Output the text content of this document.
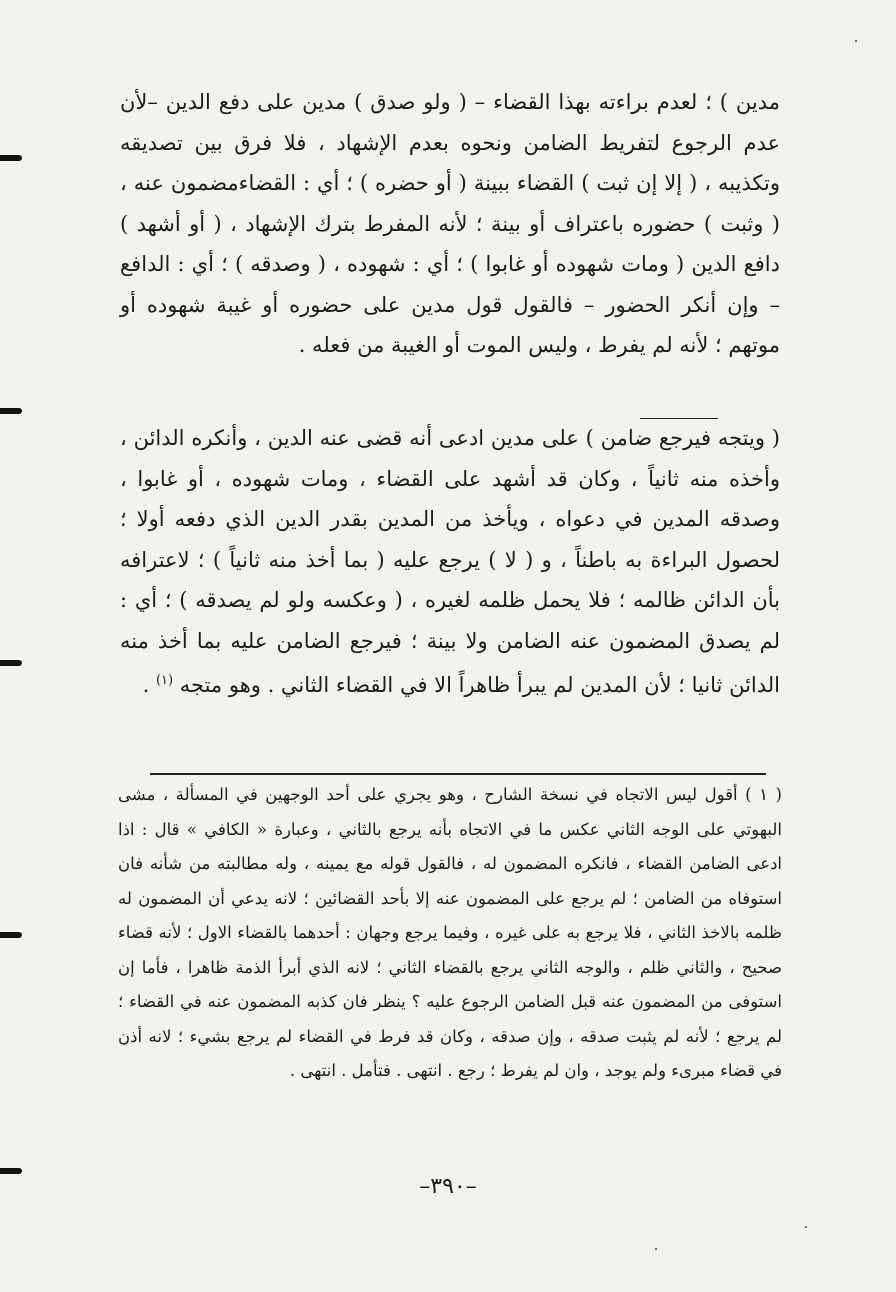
مدين ) ؛ لعدم براءته بهذا القضاء – ( ولو صدق ) مدين على دفع الدين –لأن عدم الرجوع لتفريط الضامن ونحوه بعدم الإشهاد ، فلا فرق بين تصديقه وتكذيبه ، ( إلا إن ثبت ) القضاء ببينة ( أو حضره ) ؛ أي : القضاءمضمون عنه ، ( وثبت ) حضوره باعتراف أو بينة ؛ لأنه المفرط بترك الإشهاد ، ( أو أشهد ) دافع الدين ( ومات شهوده أو غابوا ) ؛ أي : شهوده ، ( وصدقه ) ؛ أي : الدافع – وإن أنكر الحضور – فالقول قول مدين على حضوره أو غيبة شهوده أو موتهم ؛ لأنه لم يفرط ، وليس الموت أو الغيبة من فعله .
( ويتجه فيرجع ضامن ) على مدين ادعى أنه قضى عنه الدين ، وأنكره الدائن ، وأخذه منه ثانياً ، وكان قد أشهد على القضاء ، ومات شهوده ، أو غابوا ، وصدقه المدين في دعواه ، ويأخذ من المدين بقدر الدين الذي دفعه أولا ؛ لحصول البراءة به باطناً ، و ( لا ) يرجع عليه ( بما أخذ منه ثانياً ) ؛ لاعترافه بأن الدائن ظالمه ؛ فلا يحمل ظلمه لغيره ، ( وعكسه ولو لم يصدقه ) ؛ أي : لم يصدق المضمون عنه الضامن ولا بينة ؛ فيرجع الضامن عليه بما أخذ منه الدائن ثانيا ؛ لأن المدين لم يبرأ ظاهراً الا في القضاء الثاني . وهو متجه $^{(١)}$ .
( ١ ) أقول ليس الاتجاه في نسخة الشارح ، وهو يجري على أحد الوجهين في المسألة ، مشى البهوتي على الوجه الثاني عكس ما في الاتجاه بأنه يرجع بالثاني ، وعبارة « الكافي » قال : اذا ادعى الضامن القضاء ، فانكره المضمون له ، فالقول قوله مع يمينه ، وله مطالبته من شأنه فان استوفاه من الضامن ؛ لم يرجع على المضمون عنه إلا بأحد القضائين ؛ لانه يدعي أن المضمون له ظلمه بالاخذ الثاني ، فلا يرجع به على غيره ، وفيما يرجع وجهان : أحدهما بالقضاء الاول ؛ لأنه قضاء صحيح ، والثاني ظلم ، والوجه الثاني يرجع بالقضاء الثاني ؛ لانه الذي أبرأ الذمة ظاهرا ، فأما إن استوفى من المضمون عنه قبل الضامن الرجوع عليه ؟ ينظر فان كذبه المضمون عنه في القضاء ؛ لم يرجع ؛ لأنه لم يثبت صدقه ، وإن صدقه ، وكان قد فرط في القضاء لم يرجع بشيء ؛ لانه أذن في قضاء مبرىء ولم يوجد ، وان لم يفرط ؛ رجع . انتهى . فتأمل . انتهى .
–٣٩٠–
